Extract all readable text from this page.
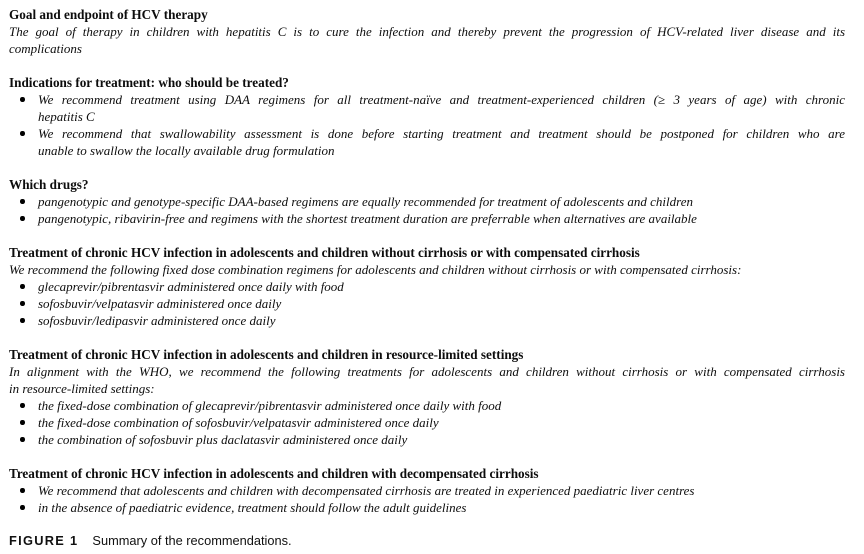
Goal and endpoint of HCV therapy
The goal of therapy in children with hepatitis C is to cure the infection and thereby prevent the progression of HCV-related liver disease and its
complications
Indications for treatment: who should be treated?
We recommend treatment using DAA regimens for all treatment-naïve and treatment-experienced children (≥ 3 years of age) with chronic
hepatitis C
We recommend that swallowability assessment is done before starting treatment and treatment should be postponed for children who are
unable to swallow the locally available drug formulation
Which drugs?
pangenotypic and genotype-specific DAA-based regimens are equally recommended for treatment of adolescents and children
pangenotypic, ribavirin-free and regimens with the shortest treatment duration are preferrable when alternatives are available
Treatment of chronic HCV infection in adolescents and children without cirrhosis or with compensated cirrhosis
We recommend the following fixed dose combination regimens for adolescents and children without cirrhosis or with compensated cirrhosis:
glecaprevir/pibrentasvir administered once daily with food
sofosbuvir/velpatasvir administered once daily
sofosbuvir/ledipasvir administered once daily
Treatment of chronic HCV infection in adolescents and children in resource-limited settings
In alignment with the WHO, we recommend the following treatments for adolescents and children without cirrhosis or with compensated cirrhosis
in resource-limited settings:
the fixed-dose combination of glecaprevir/pibrentasvir administered once daily with food
the fixed-dose combination of sofosbuvir/velpatasvir administered once daily
the combination of sofosbuvir plus daclatasvir administered once daily
Treatment of chronic HCV infection in adolescents and children with decompensated cirrhosis
We recommend that adolescents and children with decompensated cirrhosis are treated in experienced paediatric liver centres
in the absence of paediatric evidence, treatment should follow the adult guidelines
FIGURE 1 Summary of the recommendations.
